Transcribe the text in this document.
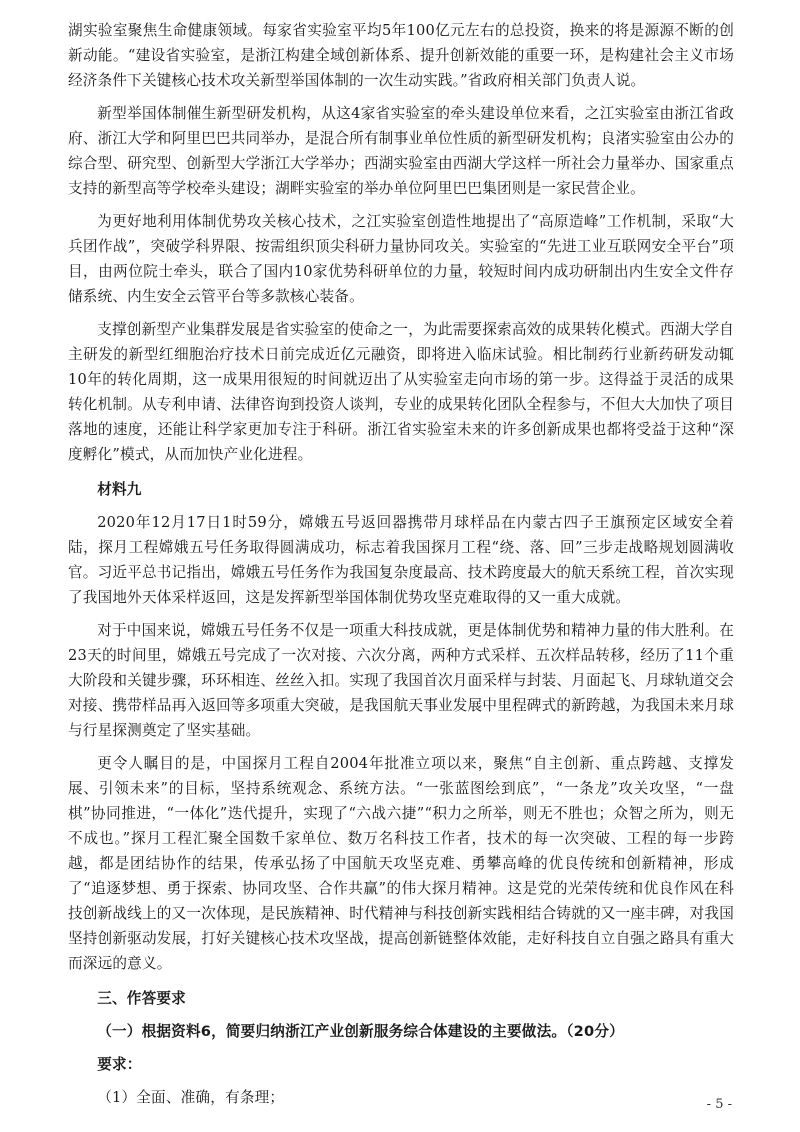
湖实验室聚焦生命健康领域。每家省实验室平均5年100亿元左右的总投资，换来的将是源源不断的创新动能。“建设省实验室，是浙江构建全域创新体系、提升创新效能的重要一环，是构建社会主义市场经济条件下关键核心技术攻关新型举国体制的一次生动实践。”省政府相关部门负责人说。

新型举国体制催生新型研发机构，从这4家省实验室的牵头建设单位来看，之江实验室由浙江省政府、浙江大学和阿里巴巴共同举办，是混合所有制事业单位性质的新型研发机构；良渚实验室由公办的综合型、研究型、创新型大学浙江大学举办；西湖实验室由西湖大学这样一所社会力量举办、国家重点支持的新型高等学校牵头建设；湖畔实验室的举办单位阿里巴巴集团则是一家民营企业。

为更好地利用体制优势攻关核心技术，之江实验室创造性地提出了“高原造峰”工作机制，采取“大兵团作战”，突破学科界限、按需组织顶尖科研力量协同攻关。实验室的“先进工业互联网安全平台”项目，由两位院士牵头，联合了国内10家优势科研单位的力量，较短时间内成功研制出内生安全文件存储系统、内生安全云管平台等多款核心装备。

支撑创新型产业集群发展是省实验室的使命之一，为此需要探索高效的成果转化模式。西湖大学自主研发的新型红细胞治疗技术日前完成近亿元融资，即将进入临床试验。相比制药行业新药研发动辄10年的转化周期，这一成果用很短的时间就迈出了从实验室走向市场的第一步。这得益于灵活的成果转化机制。从专利申请、法律咨询到投资人谈判，专业的成果转化团队全程参与，不但大大加快了项目落地的速度，还能让科学家更加专注于科研。浙江省实验室未来的许多创新成果也都将受益于这种“深度孵化”模式，从而加快产业化进程。

材料九

2020年12月17日1时59分，嫦娥五号返回器携带月球样品在内蒙古四子王旗预定区域安全着陆，探月工程嫦娥五号任务取得圆满成功，标志着我国探月工程“绕、落、回”三步走战略规划圆满收官。习近平总书记指出，嫦娥五号任务作为我国复杂度最高、技术跨度最大的航天系统工程，首次实现了我国地外天体采样返回，这是发挥新型举国体制优势攻坚克难取得的又一重大成就。

对于中国来说，嫦娥五号任务不仅是一项重大科技成就，更是体制优势和精神力量的伟大胜利。在23天的时间里，嫦娥五号完成了一次对接、六次分离，两种方式采样、五次样品转移，经历了11个重大阶段和关键步骤，环环相连、丝丝入扣。实现了我国首次月面采样与封装、月面起飞、月球轨道交会对接、携带样品再入返回等多项重大突破，是我国航天事业发展中里程碑式的新跨越，为我国未来月球与行星探测奠定了坚实基础。

更令人瞩目的是，中国探月工程自2004年批准立项以来，聚焦“自主创新、重点跨越、支撑发展、引领未来”的目标，坚持系统观念、系统方法。“一张蓝图绘到底”，“一条龙”攻关攻坚，“一盘棋”协同推进，“一体化”迭代提升，实现了“六战六捷”“积力之所举，则无不胜也；众智之所为，则无不成也。”探月工程汇聚全国数千家单位、数万名科技工作者，技术的每一次突破、工程的每一步跨越，都是团结协作的结果，传承弘扬了中国航天攻坚克难、勇攀高峰的优良传统和创新精神，形成了“追逐梦想、勇于探索、协同攻坚、合作共赢”的伟大探月精神。这是党的光荣传统和优良作风在科技创新战线上的又一次体现，是民族精神、时代精神与科技创新实践相结合铸就的又一座丰碑，对我国坚持创新驱动发展，打好关键核心技术攻坚战，提高创新链整体效能，走好科技自立自强之路具有重大而深远的意义。

三、作答要求
（一）根据资料6，简要归纳浙江产业创新服务综合体建设的主要做法。（20分）
要求：
（1）全面、准确，有条理；	- 5 -
